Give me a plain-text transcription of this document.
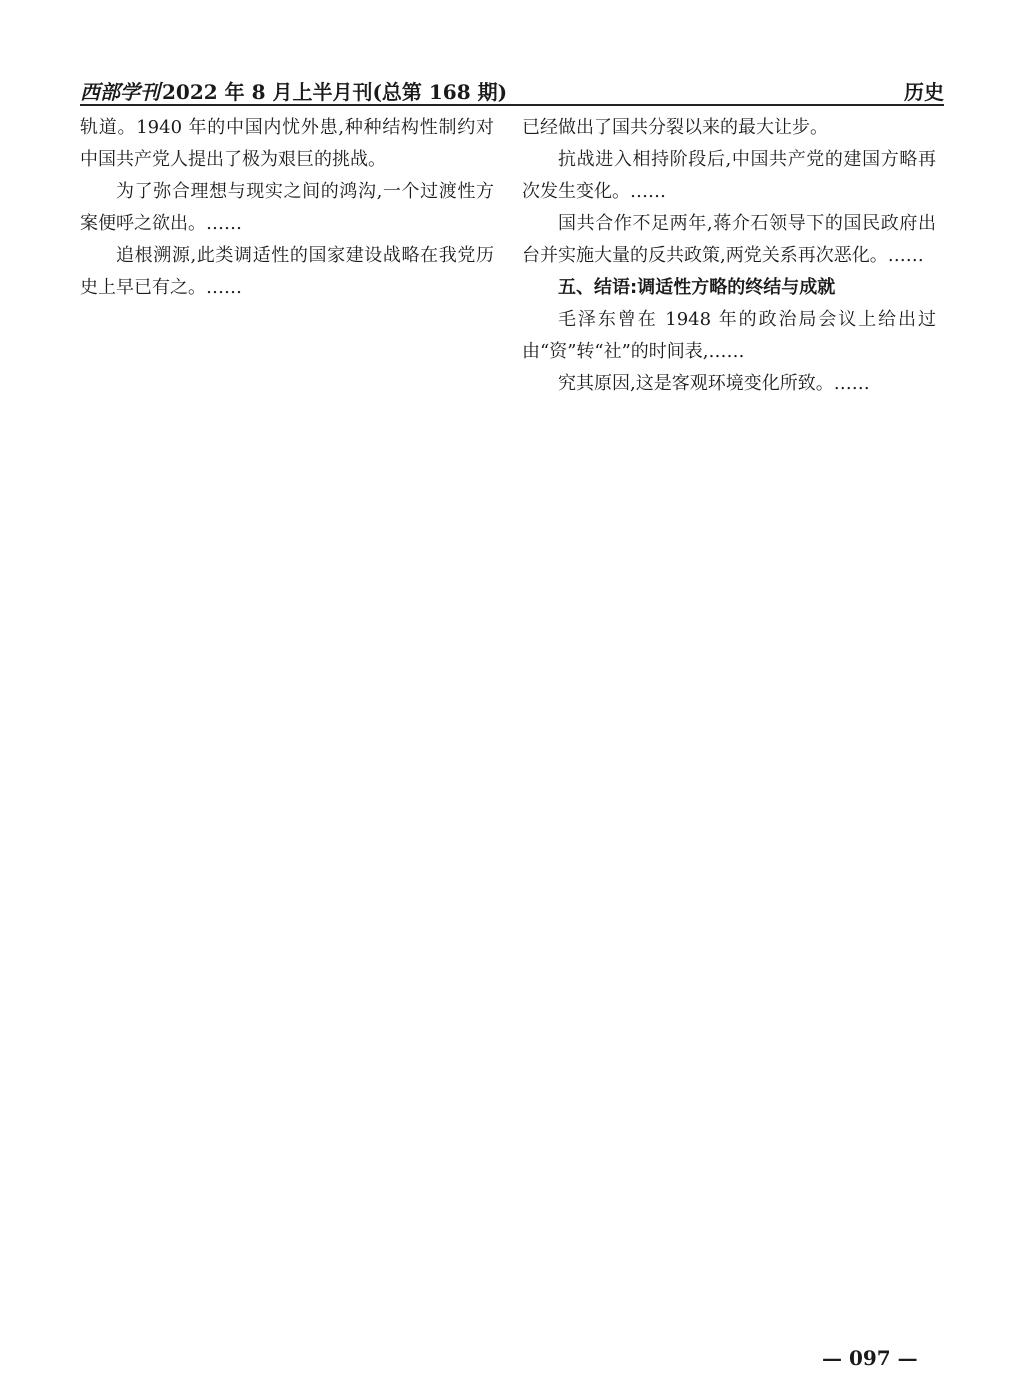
西部学刊 2022 年 8 月上半月刊(总第 168 期)	历史

轨道。1940 年的中国内忧外患,种种结构性制约对中国共产党人提出了极为艰巨的挑战。

为了弥合理想与现实之间的鸿沟,一个过渡性方案便呼之欲出。……

追根溯源,此类调适性的国家建设战略在我党历史上早已有之。……

已经做出了国共分裂以来的最大让步。

抗战进入相持阶段后,中国共产党的建国方略再次发生变化。……

国共合作不足两年,蒋介石领导下的国民政府出台并实施大量的反共政策,两党关系再次恶化。……

五、结语:调适性方略的终结与成就

毛泽东曾在 1948 年的政治局会议上给出过由“资”转“社”的时间表,……

究其原因,这是客观环境变化所致。……

— 097 —
